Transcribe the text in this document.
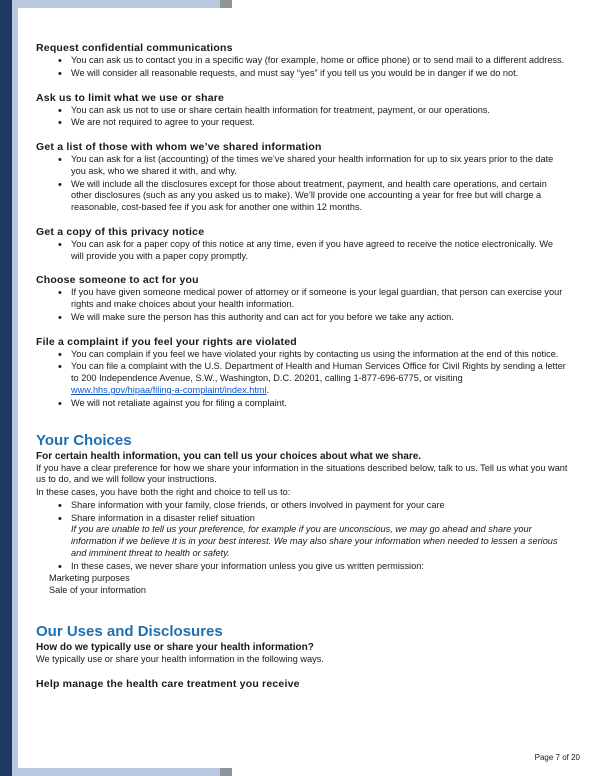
Request confidential communications
• You can ask us to contact you in a specific way (for example, home or office phone) or to send mail to a different address.
• We will consider all reasonable requests, and must say “yes” if you tell us you would be in danger if we do not.
Ask us to limit what we use or share
• You can ask us not to use or share certain health information for treatment, payment, or our operations.
• We are not required to agree to your request.
Get a list of those with whom we’ve shared information
• You can ask for a list (accounting) of the times we’ve shared your health information for up to six years prior to the date you ask, who we shared it with, and why.
• We will include all the disclosures except for those about treatment, payment, and health care operations, and certain other disclosures (such as any you asked us to make). We’ll provide one accounting a year for free but will charge a reasonable, cost-based fee if you ask for another one within 12 months.
Get a copy of this privacy notice
• You can ask for a paper copy of this notice at any time, even if you have agreed to receive the notice electronically. We will provide you with a paper copy promptly.
Choose someone to act for you
• If you have given someone medical power of attorney or if someone is your legal guardian, that person can exercise your rights and make choices about your health information.
• We will make sure the person has this authority and can act for you before we take any action.
File a complaint if you feel your rights are violated
• You can complain if you feel we have violated your rights by contacting us using the information at the end of this notice.
• You can file a complaint with the U.S. Department of Health and Human Services Office for Civil Rights by sending a letter to 200 Independence Avenue, S.W., Washington, D.C. 20201, calling 1-877-696-6775, or visiting www.hhs.gov/hipaa/filing-a-complaint/index.html.
• We will not retaliate against you for filing a complaint.
Your Choices

For certain health information, you can tell us your choices about what we share.

If you have a clear preference for how we share your information in the situations described below, talk to us. Tell us what you want us to do, and we will follow your instructions.

In these cases, you have both the right and choice to tell us to:

• Share information with your family, close friends, or others involved in payment for your care
• Share information in a disaster relief situation
If you are unable to tell us your preference, for example if you are unconscious, we may go ahead and share your information if we believe it is in your best interest. We may also share your information when needed to lessen a serious and imminent threat to health or safety.
• In these cases, we never share your information unless you give us written permission:
Marketing purposes
Sale of your information
Our Uses and Disclosures

How do we typically use or share your health information?

We typically use or share your health information in the following ways.

Help manage the health care treatment you receive
Page 7 of 20
